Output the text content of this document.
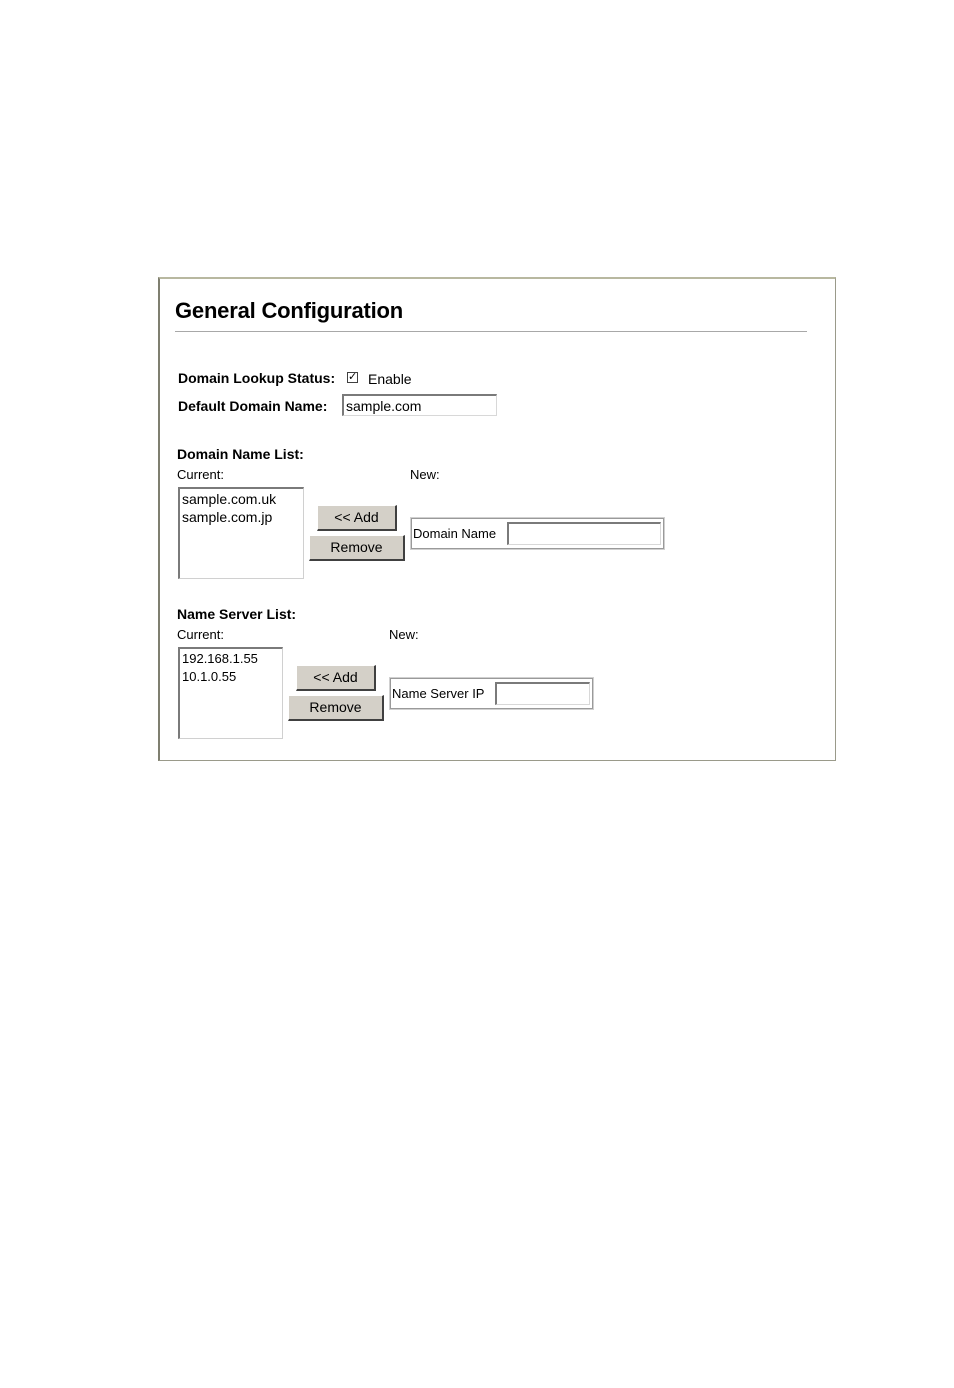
General Configuration
Domain Lookup Status: ✓ Enable
Default Domain Name:
sample.com
Domain Name List:
Current:	New:
sample.com.uk
sample.com.jp	<< Add
Remove
Domain Name
Name Server List:
Current:	New:
192.168.1.55
10.1.0.55	<< Add
Remove
Name Server IP
